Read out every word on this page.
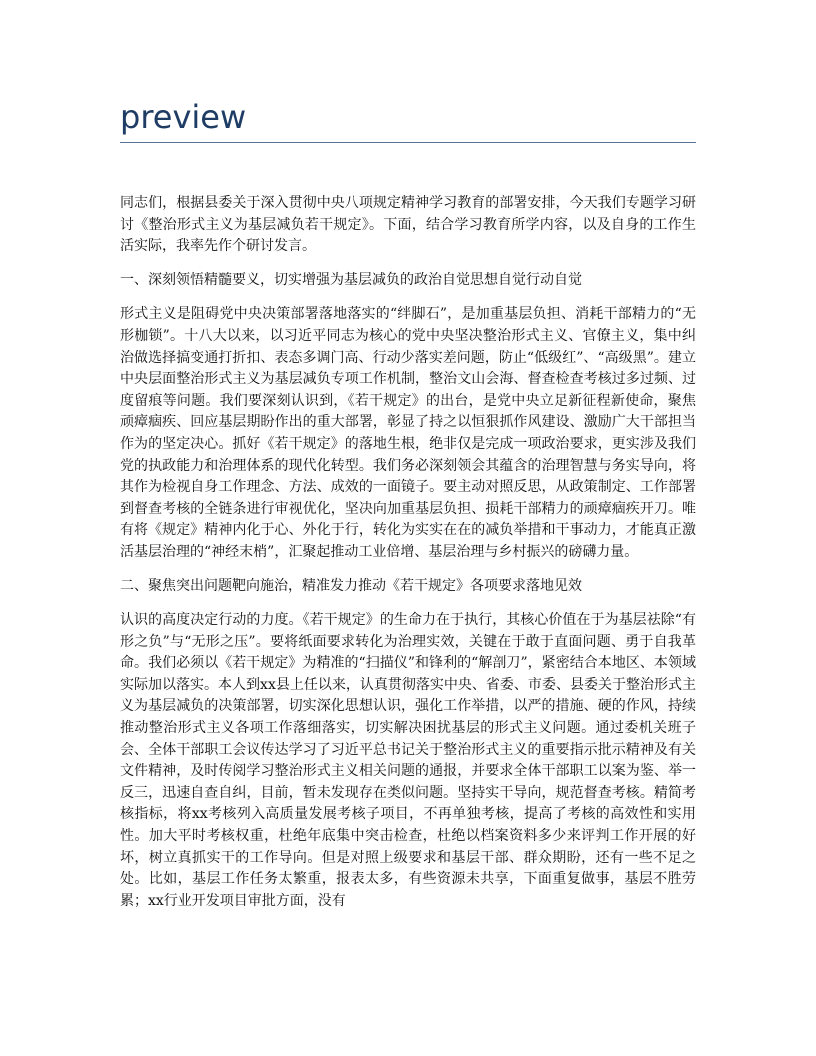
preview

同志们，根据县委关于深入贯彻中央八项规定精神学习教育的部署安排，今天我们专题学习研讨《整治形式主义为基层减负若干规定》。下面，结合学习教育所学内容，以及自身的工作生活实际，我率先作个研讨发言。

一、深刻领悟精髓要义，切实增强为基层减负的政治自觉思想自觉行动自觉

形式主义是阻碍党中央决策部署落地落实的“绊脚石”，是加重基层负担、消耗干部精力的“无形枷锁”。十八大以来，以习近平同志为核心的党中央坚决整治形式主义、官僚主义，集中纠治做选择搞变通打折扣、表态多调门高、行动少落实差问题，防止“低级红”、“高级黑”。建立中央层面整治形式主义为基层减负专项工作机制，整治文山会海、督查检查考核过多过频、过度留痕等问题。我们要深刻认识到，《若干规定》的出台，是党中央立足新征程新使命，聚焦顽瘴痼疾、回应基层期盼作出的重大部署，彰显了持之以恒狠抓作风建设、激励广大干部担当作为的坚定决心。抓好《若干规定》的落地生根，绝非仅是完成一项政治要求，更实涉及我们党的执政能力和治理体系的现代化转型。我们务必深刻领会其蕴含的治理智慧与务实导向，将其作为检视自身工作理念、方法、成效的一面镜子。要主动对照反思，从政策制定、工作部署到督查考核的全链条进行审视优化，坚决向加重基层负担、损耗干部精力的顽瘴痼疾开刀。唯有将《规定》精神内化于心、外化于行，转化为实实在在的减负举措和干事动力，才能真正激活基层治理的“神经末梢”，汇聚起推动工业倍增、基层治理与乡村振兴的磅礴力量。

二、聚焦突出问题靶向施治，精准发力推动《若干规定》各项要求落地见效

认识的高度决定行动的力度。《若干规定》的生命力在于执行，其核心价值在于为基层祛除“有形之负”与“无形之压”。要将纸面要求转化为治理实效，关键在于敢于直面问题、勇于自我革命。我们必须以《若干规定》为精准的“扫描仪”和锋利的“解剖刀”，紧密结合本地区、本领域实际加以落实。本人到xx县上任以来，认真贯彻落实中央、省委、市委、县委关于整治形式主义为基层减负的决策部署，切实深化思想认识，强化工作举措，以严的措施、硬的作风，持续推动整治形式主义各项工作落细落实，切实解决困扰基层的形式主义问题。通过委机关班子会、全体干部职工会议传达学习了习近平总书记关于整治形式主义的重要指示批示精神及有关文件精神，及时传阅学习整治形式主义相关问题的通报，并要求全体干部职工以案为鉴、举一反三，迅速自查自纠，目前，暂未发现存在类似问题。坚持实干导向，规范督查考核。精简考核指标，将xx考核列入高质量发展考核子项目，不再单独考核，提高了考核的高效性和实用性。加大平时考核权重，杜绝年底集中突击检查，杜绝以档案资料多少来评判工作开展的好坏，树立真抓实干的工作导向。但是对照上级要求和基层干部、群众期盼，还有一些不足之处。比如，基层工作任务太繁重，报表太多，有些资源未共享，下面重复做事，基层不胜劳累；xx行业开发项目审批方面，没有
